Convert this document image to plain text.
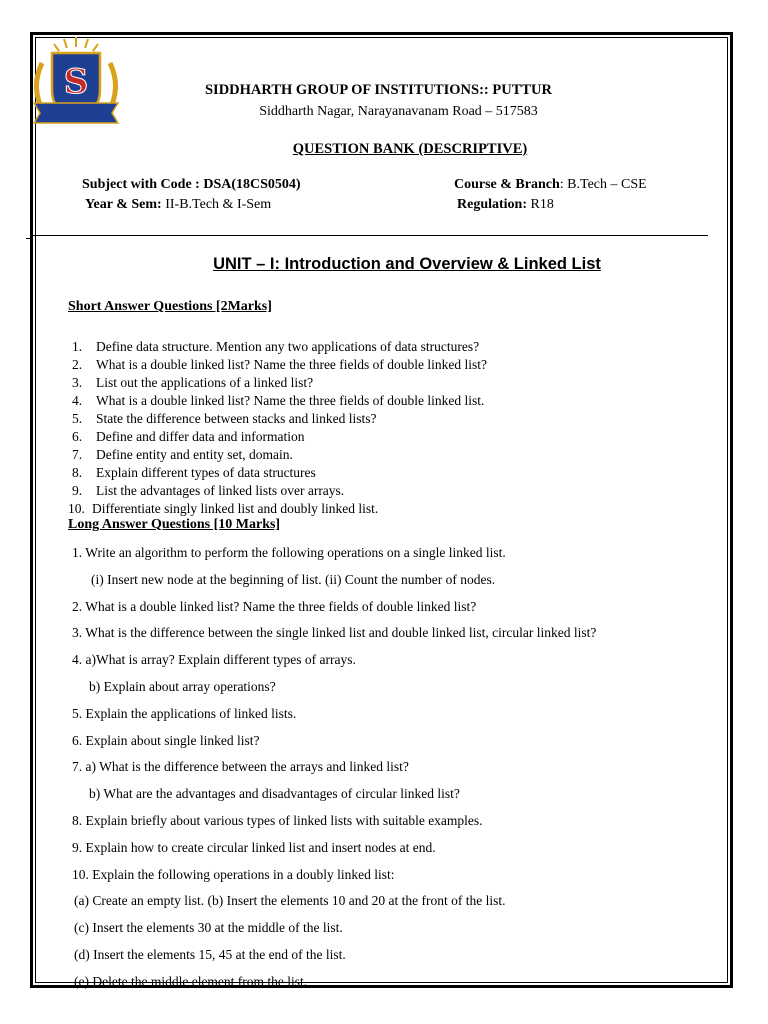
S	SIDDHARTH GROUP OF INSTITUTIONS:: PUTTUR
Siddharth Nagar, Narayanavanam Road – 517583
QUESTION BANK (DESCRIPTIVE)
Subject with Code : DSA(18CS0504)	Course & Branch: B.Tech – CSE
Year & Sem: II-B.Tech & I-Sem	Regulation: R18
UNIT – I: Introduction and Overview & Linked List
Short Answer Questions [2Marks]
1.	Define data structure. Mention any two applications of data structures?
2.	What is a double linked list? Name the three fields of double linked list?
3.	List out the applications of a linked list?
4.	What is a double linked list? Name the three fields of double linked list.
5.	State the difference between stacks and linked lists?
6.	Define and differ data and information
7.	Define entity and entity set, domain.
8.	Explain different types of data structures
9.	List the advantages of linked lists over arrays.
10. Differentiate singly linked list and doubly linked list.
Long Answer Questions [10 Marks]
1. Write an algorithm to perform the following operations on a single linked list.
(i) Insert new node at the beginning of list. (ii) Count the number of nodes.
2. What is a double linked list? Name the three fields of double linked list?
3. What is the difference between the single linked list and double linked list, circular linked list?
4. a)What is array? Explain different types of arrays.
b) Explain about array operations?
5. Explain the applications of linked lists.
6. Explain about single linked list?
7. a) What is the difference between the arrays and linked list?
b) What are the advantages and disadvantages of circular linked list?
8. Explain briefly about various types of linked lists with suitable examples.
9. Explain how to create circular linked list and insert nodes at end.
10. Explain the following operations in a doubly linked list:
(a) Create an empty list. (b) Insert the elements 10 and 20 at the front of the list.
(c) Insert the elements 30 at the middle of the list.
(d) Insert the elements 15, 45 at the end of the list.
(e) Delete the middle element from the list.
